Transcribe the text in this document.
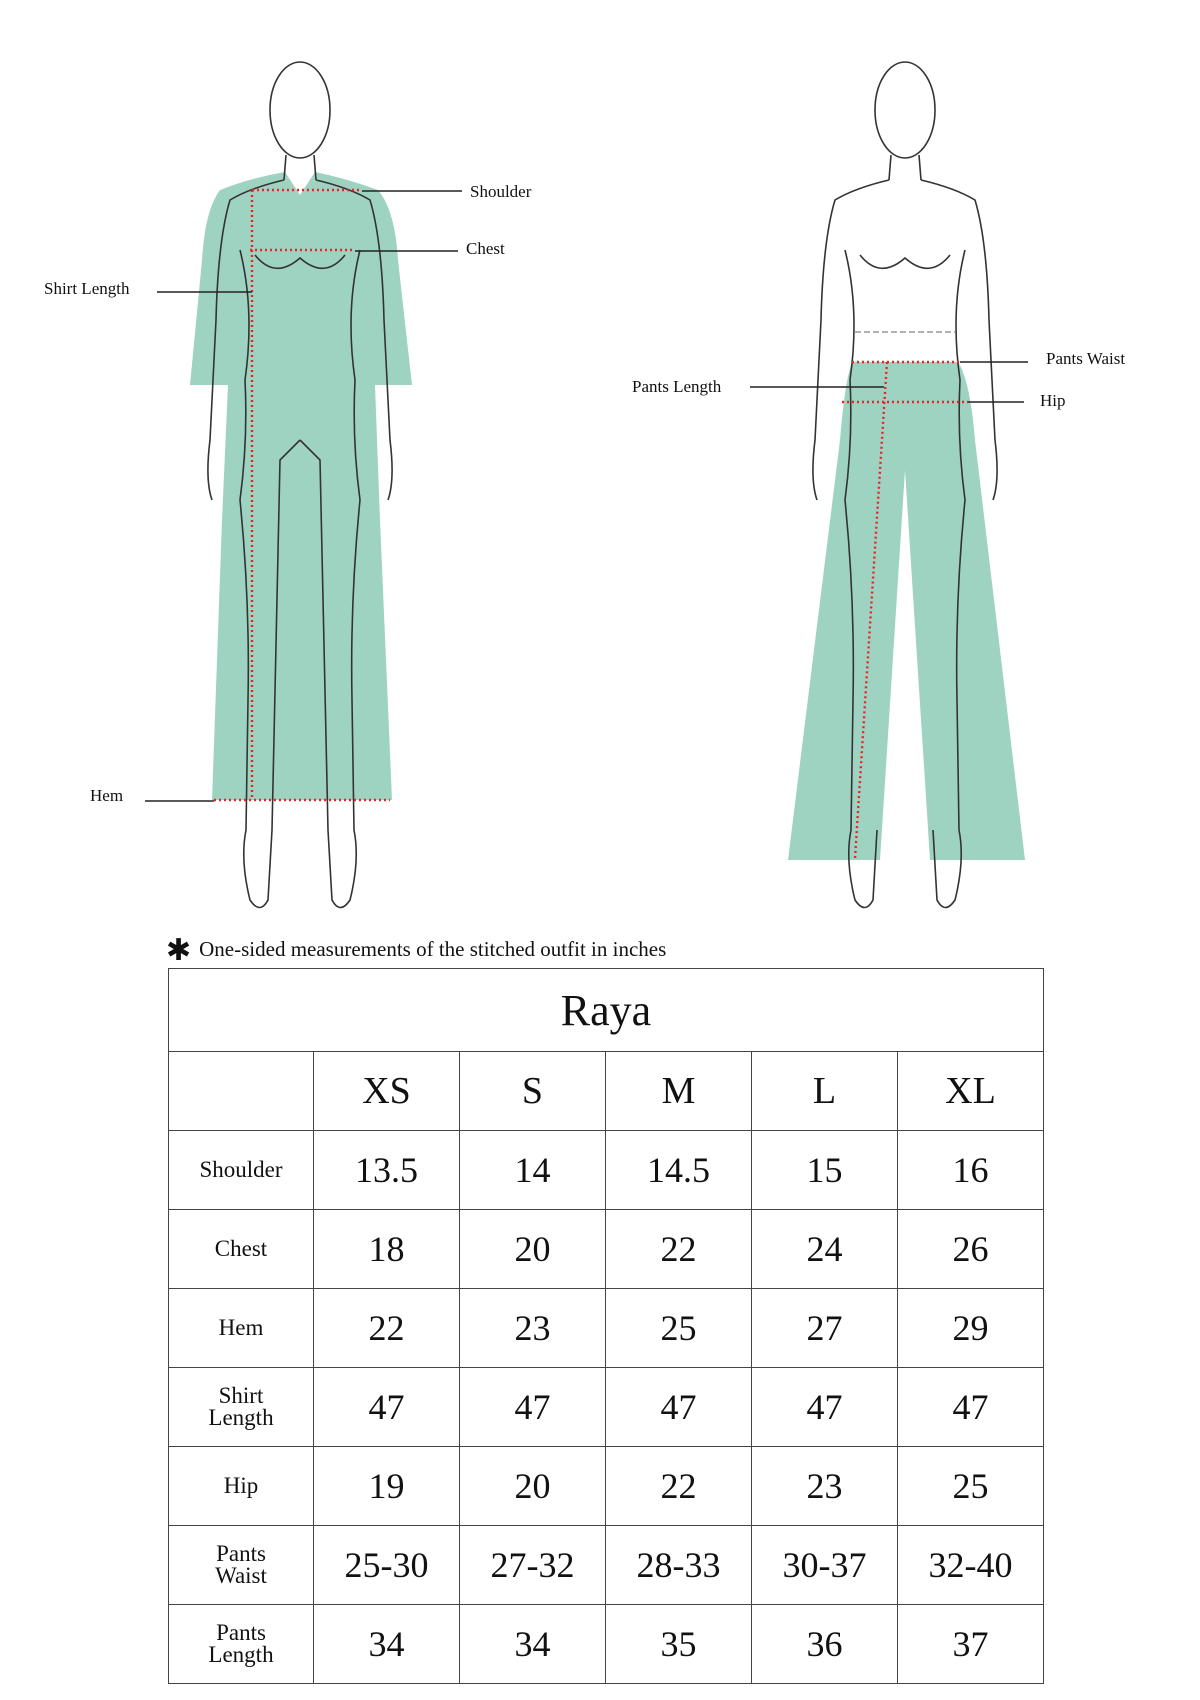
Shoulder
Chest
Shirt Length
Hem
Pants Waist
Pants Length
Hip
✱ One-sided measurements of the stitched outfit in inches
Raya					
	XS	S	M	L	XL
Shoulder	13.5	14	14.5	15	16
Chest	18	20	22	24	26
Hem	22	23	25	27	29

Shirt
Length	47	47	47	47	47
Hip	19	20	22	23	25

Pants
Waist	25-30	27-32	28-33	30-37	32-40

Pants
Length	34	34	35	36	37
